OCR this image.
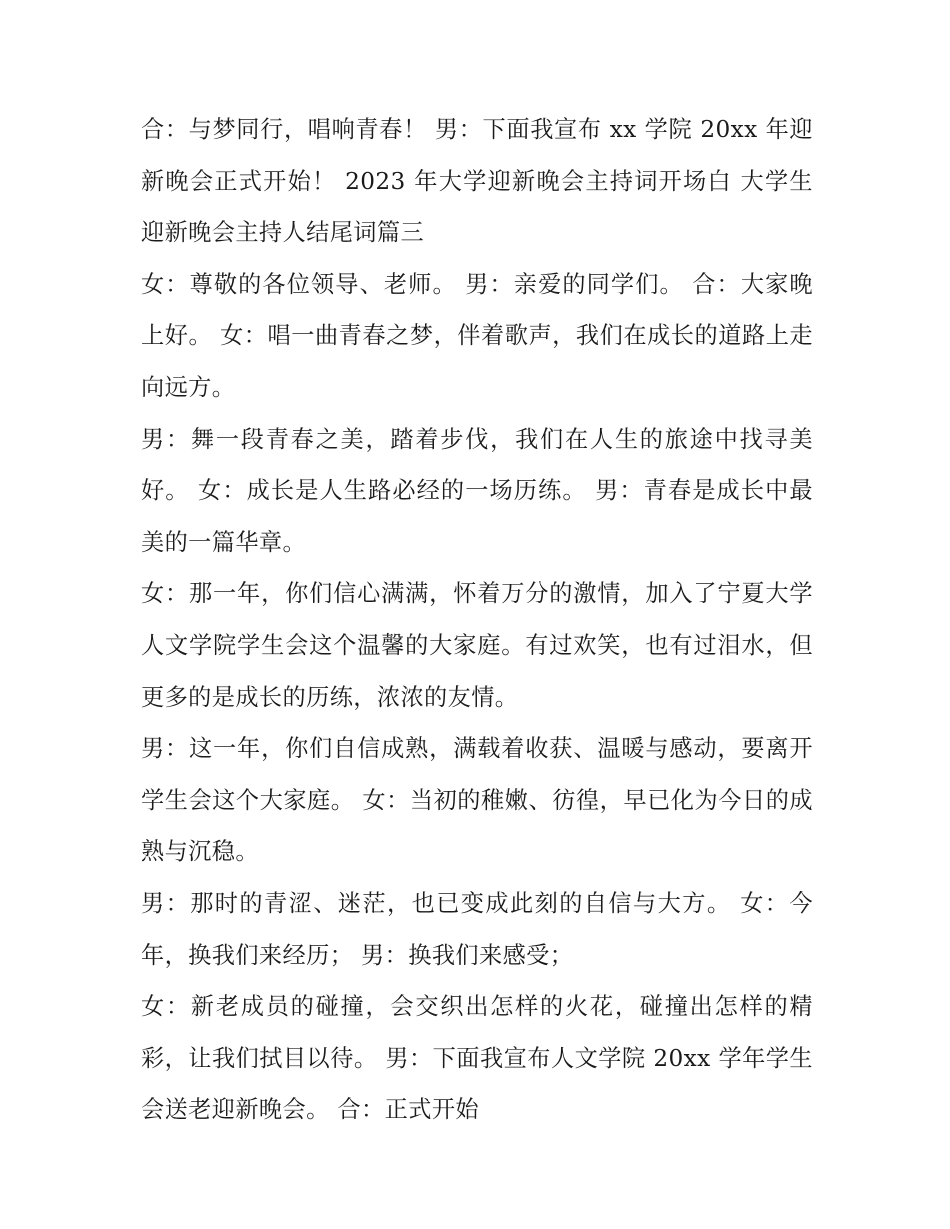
合：与梦同行，唱响青春！ 男：下面我宣布 xx 学院 20xx 年迎新晚会正式开始！ 2023 年大学迎新晚会主持词开场白 大学生迎新晚会主持人结尾词篇三

女：尊敬的各位领导、老师。 男：亲爱的同学们。 合：大家晚上好。 女：唱一曲青春之梦，伴着歌声，我们在成长的道路上走向远方。

男：舞一段青春之美，踏着步伐，我们在人生的旅途中找寻美好。 女：成长是人生路必经的一场历练。 男：青春是成长中最美的一篇华章。

女：那一年，你们信心满满，怀着万分的激情，加入了宁夏大学人文学院学生会这个温馨的大家庭。有过欢笑，也有过泪水，但更多的是成长的历练，浓浓的友情。

男：这一年，你们自信成熟，满载着收获、温暖与感动，要离开学生会这个大家庭。 女：当初的稚嫩、彷徨，早已化为今日的成熟与沉稳。

男：那时的青涩、迷茫，也已变成此刻的自信与大方。 女：今年，换我们来经历； 男：换我们来感受；

女：新老成员的碰撞，会交织出怎样的火花，碰撞出怎样的精彩，让我们拭目以待。 男：下面我宣布人文学院 20xx 学年学生会送老迎新晚会。 合：正式开始
